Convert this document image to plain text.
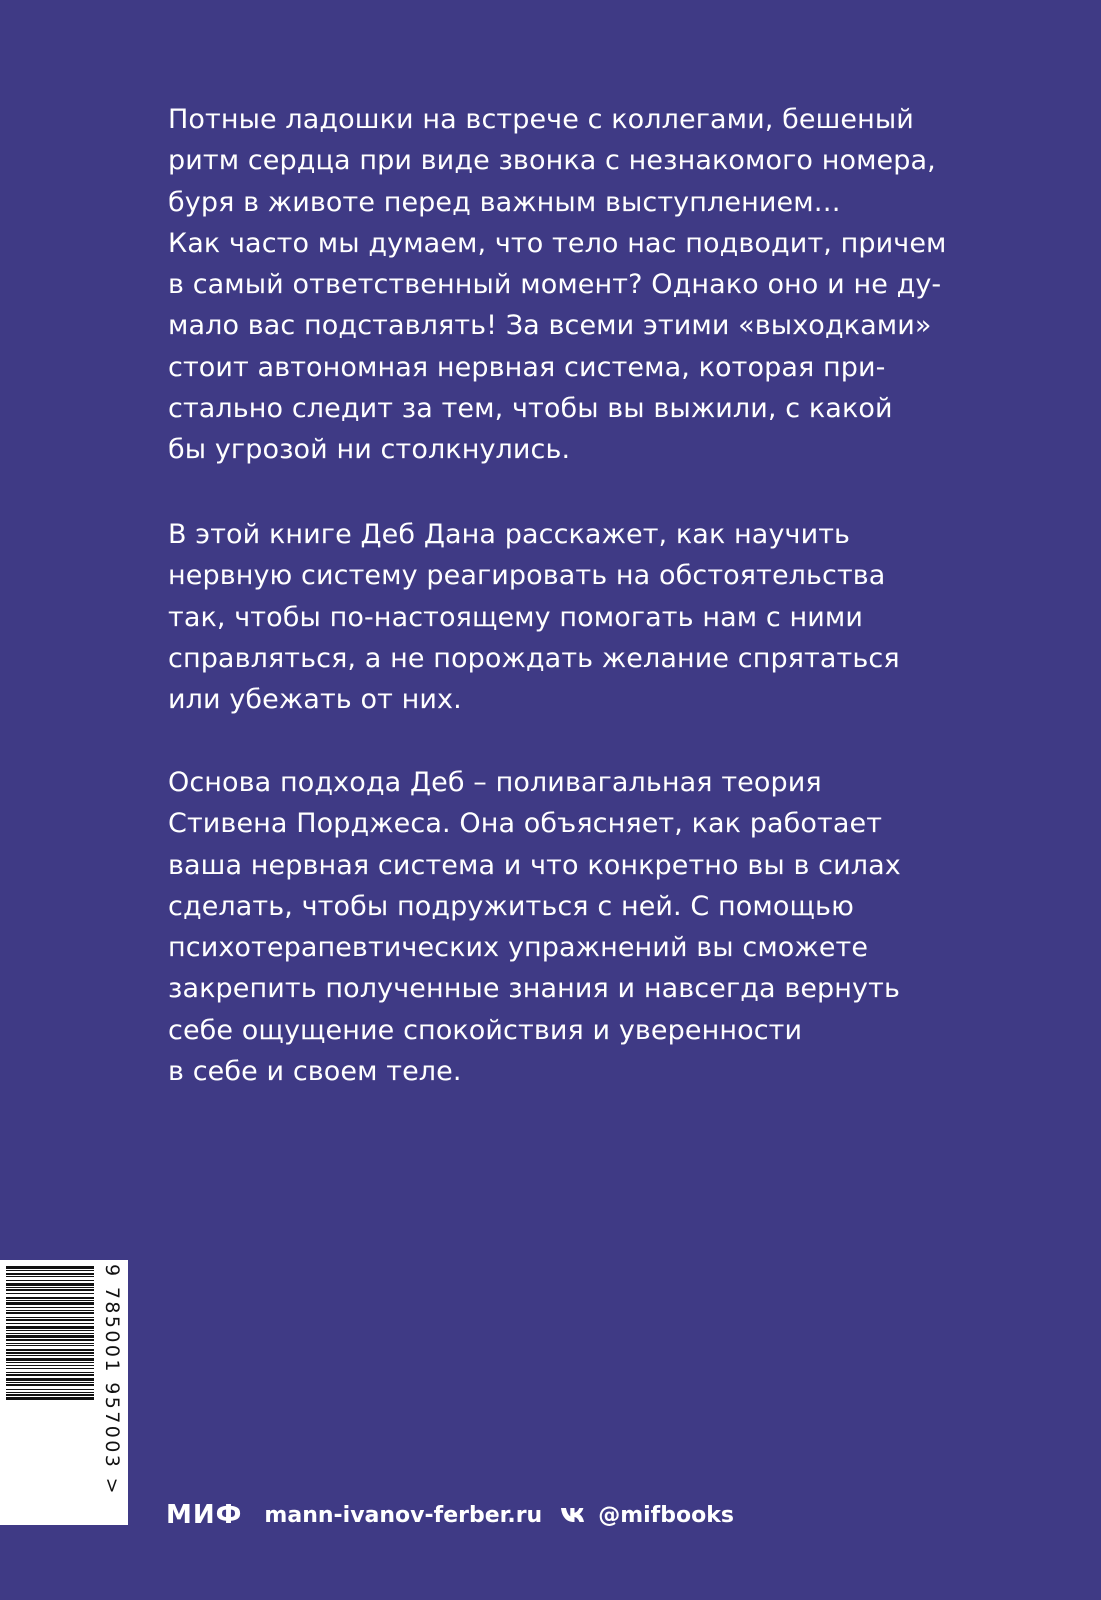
Потные ладошки на встрече с коллегами, бешеный
ритм сердца при виде звонка с незнакомого номера,
буря в животе перед важным выступлением…
Как часто мы думаем, что тело нас подводит, причем
в самый ответственный момент? Однако оно и не ду-
мало вас подставлять! За всеми этими «выходками»
стоит автономная нервная система, которая при-
стально следит за тем, чтобы вы выжили, с какой
бы угрозой ни столкнулись.
В этой книге Деб Дана расскажет, как научить
нервную систему реагировать на обстоятельства
так, чтобы по-настоящему помогать нам с ними
справляться, а не порождать желание спрятаться
или убежать от них.
Основа подхода Деб – поливагальная теория
Стивена Порджеса. Она объясняет, как работает
ваша нервная система и что конкретно вы в силах
сделать, чтобы подружиться с ней. С помощью
психотерапевтических упражнений вы сможете
закрепить полученные знания и навсегда вернуть
себе ощущение спокойствия и уверенности
в себе и своем теле.
9 785001 957003 >
МИФ mann-ivanov-ferber.ru	@mifbooks
